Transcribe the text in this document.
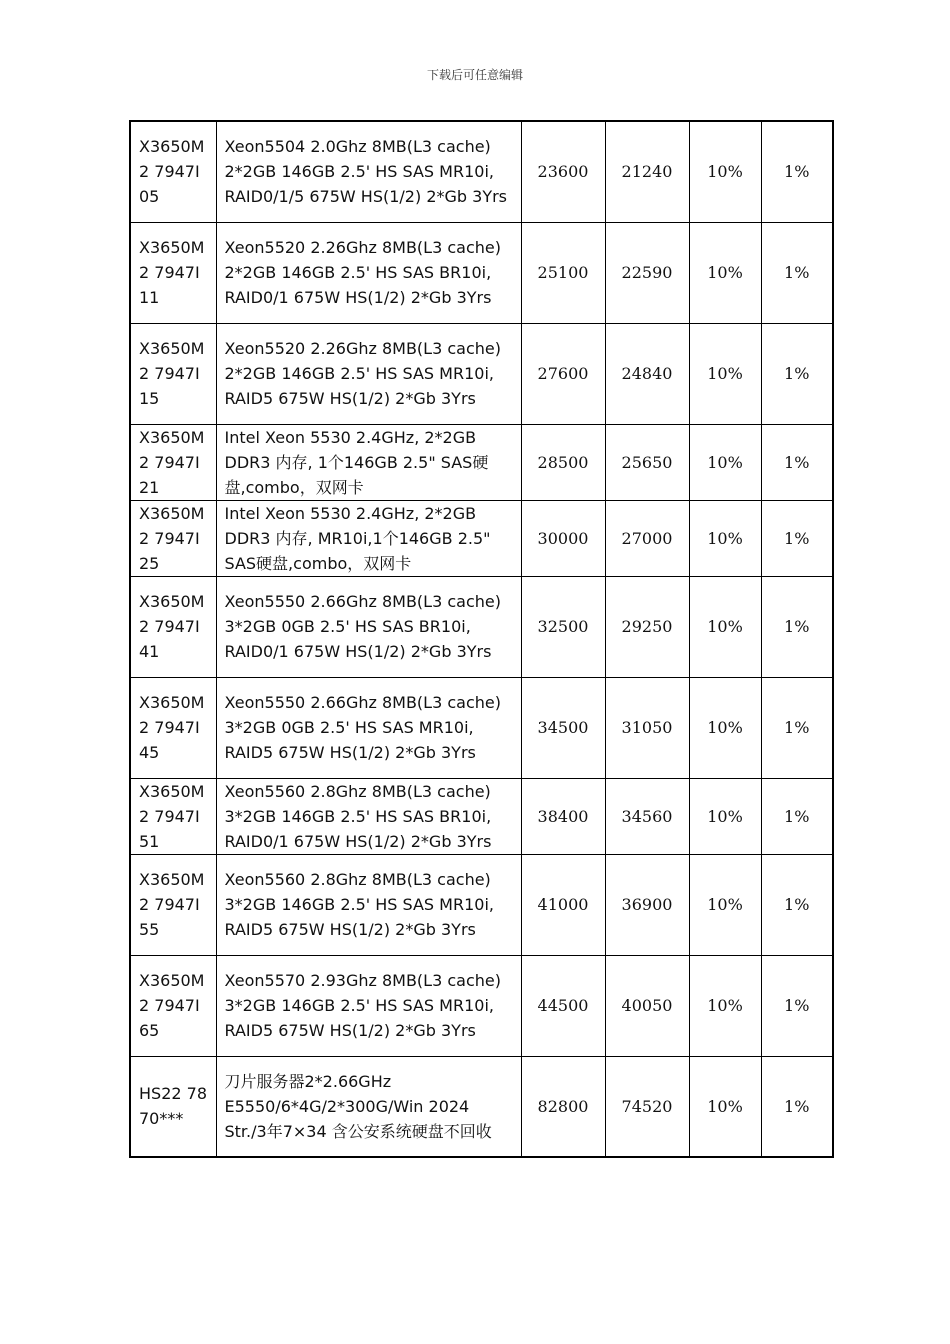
下载后可任意编辑
X3650M2 7947I05	Xeon5504 2.0Ghz 8MB(L3 cache) 2*2GB 146GB 2.5' HS SAS MR10i, RAID0/1/5 675W HS(1/2) 2*Gb 3Yrs	23600	21240	10%	1%
X3650M2 7947I11	Xeon5520 2.26Ghz 8MB(L3 cache) 2*2GB 146GB 2.5' HS SAS BR10i, RAID0/1 675W HS(1/2) 2*Gb 3Yrs	25100	22590	10%	1%
X3650M2 7947I15	Xeon5520 2.26Ghz 8MB(L3 cache) 2*2GB 146GB 2.5' HS SAS MR10i, RAID5 675W HS(1/2) 2*Gb 3Yrs	27600	24840	10%	1%
X3650M2 7947I21	Intel Xeon 5530 2.4GHz, 2*2GB DDR3 内存, 1个146GB 2.5" SAS硬盘,combo，双网卡	28500	25650	10%	1%
X3650M2 7947I25	Intel Xeon 5530 2.4GHz, 2*2GB DDR3 内存, MR10i,1个146GB 2.5" SAS硬盘,combo，双网卡	30000	27000	10%	1%
X3650M2 7947I41	Xeon5550 2.66Ghz 8MB(L3 cache) 3*2GB 0GB 2.5' HS SAS BR10i, RAID0/1 675W HS(1/2) 2*Gb 3Yrs	32500	29250	10%	1%
X3650M2 7947I45	Xeon5550 2.66Ghz 8MB(L3 cache) 3*2GB 0GB 2.5' HS SAS MR10i, RAID5 675W HS(1/2) 2*Gb 3Yrs	34500	31050	10%	1%
X3650M2 7947I51	Xeon5560 2.8Ghz 8MB(L3 cache) 3*2GB 146GB 2.5' HS SAS BR10i, RAID0/1 675W HS(1/2) 2*Gb 3Yrs	38400	34560	10%	1%
X3650M2 7947I55	Xeon5560 2.8Ghz 8MB(L3 cache) 3*2GB 146GB 2.5' HS SAS MR10i, RAID5 675W HS(1/2) 2*Gb 3Yrs	41000	36900	10%	1%
X3650M2 7947I65	Xeon5570 2.93Ghz 8MB(L3 cache) 3*2GB 146GB 2.5' HS SAS MR10i, RAID5 675W HS(1/2) 2*Gb 3Yrs	44500	40050	10%	1%
HS22 7870***	刀片服务器2*2.66GHz E5550/6*4G/2*300G/Win 2024 Str./3年7×34 含公安系统硬盘不回收	82800	74520	10%	1%
